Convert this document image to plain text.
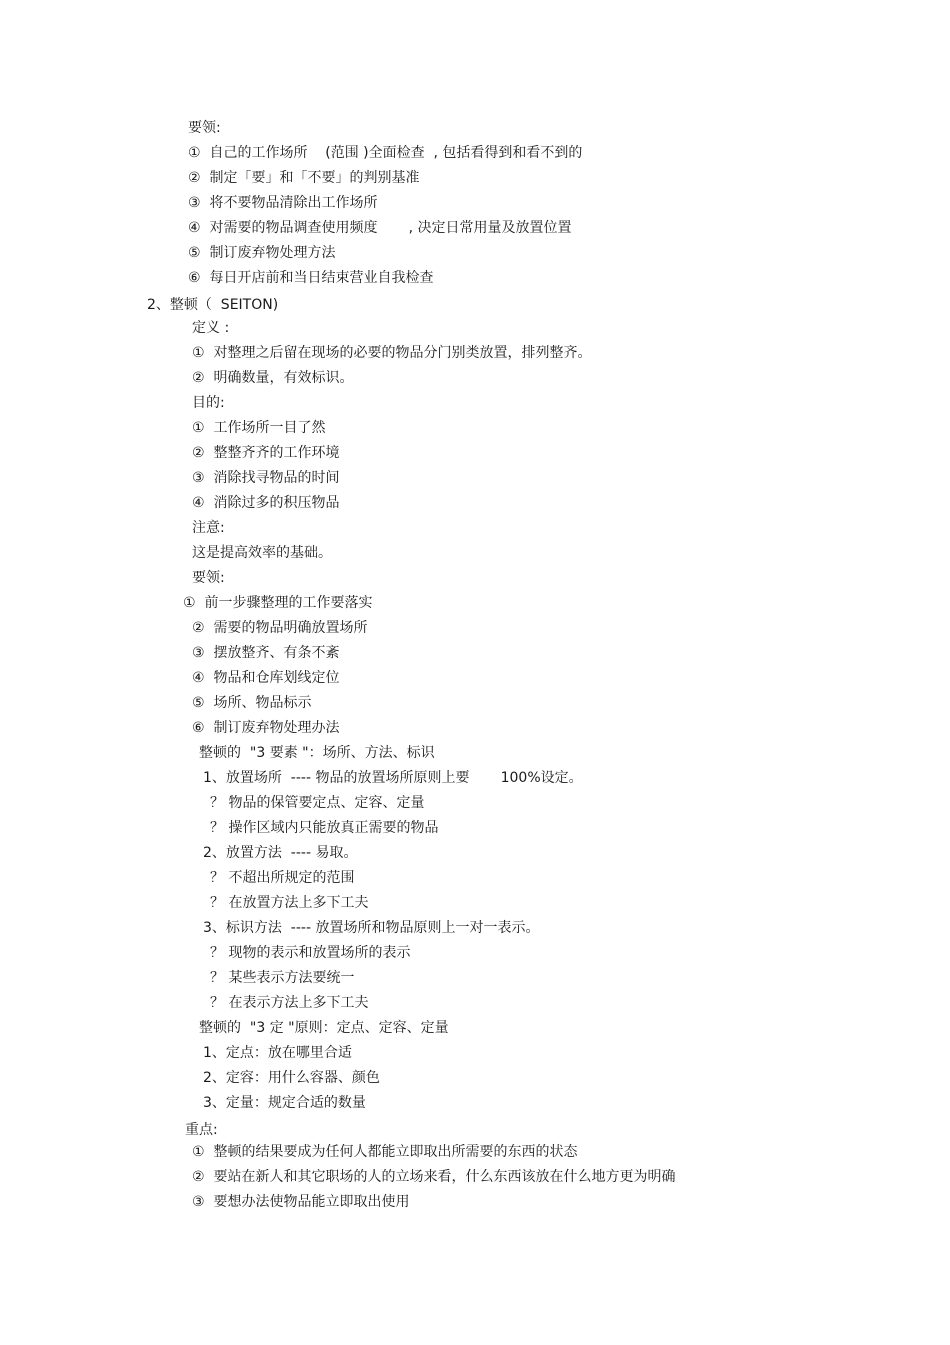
要领:
①  自己的工作场所    (范围 )全面检查  , 包括看得到和看不到的
②  制定「要」和「不要」的判别基准
③  将不要物品清除出工作场所
④  对需要的物品调查使用频度       , 决定日常用量及放置位置
⑤  制订废弃物处理方法
⑥  每日开店前和当日结束营业自我检查
2、整顿（  SEITON)
定义 :
①  对整理之后留在现场的必要的物品分门别类放置，排列整齐。
②  明确数量，有效标识。
目的:
①  工作场所一目了然
②  整整齐齐的工作环境
③  消除找寻物品的时间
④  消除过多的积压物品
注意:
这是提高效率的基础。
要领:
①  前一步骤整理的工作要落实
②  需要的物品明确放置场所
③  摆放整齐、有条不紊
④  物品和仓库划线定位
⑤  场所、物品标示
⑥  制订废弃物处理办法
整顿的  "3 要素 "：场所、方法、标识
1、放置场所  ---- 物品的放置场所原则上要       100%设定。
？ 物品的保管要定点、定容、定量
？ 操作区域内只能放真正需要的物品
2、放置方法  ---- 易取。
？ 不超出所规定的范围
？ 在放置方法上多下工夫
3、标识方法  ---- 放置场所和物品原则上一对一表示。
？ 现物的表示和放置场所的表示
？ 某些表示方法要统一
？ 在表示方法上多下工夫
整顿的  "3 定 "原则：定点、定容、定量
1、定点：放在哪里合适
2、定容：用什么容器、颜色
3、定量：规定合适的数量
重点:
①  整顿的结果要成为任何人都能立即取出所需要的东西的状态
②  要站在新人和其它职场的人的立场来看，什么东西该放在什么地方更为明确
③  要想办法使物品能立即取出使用
